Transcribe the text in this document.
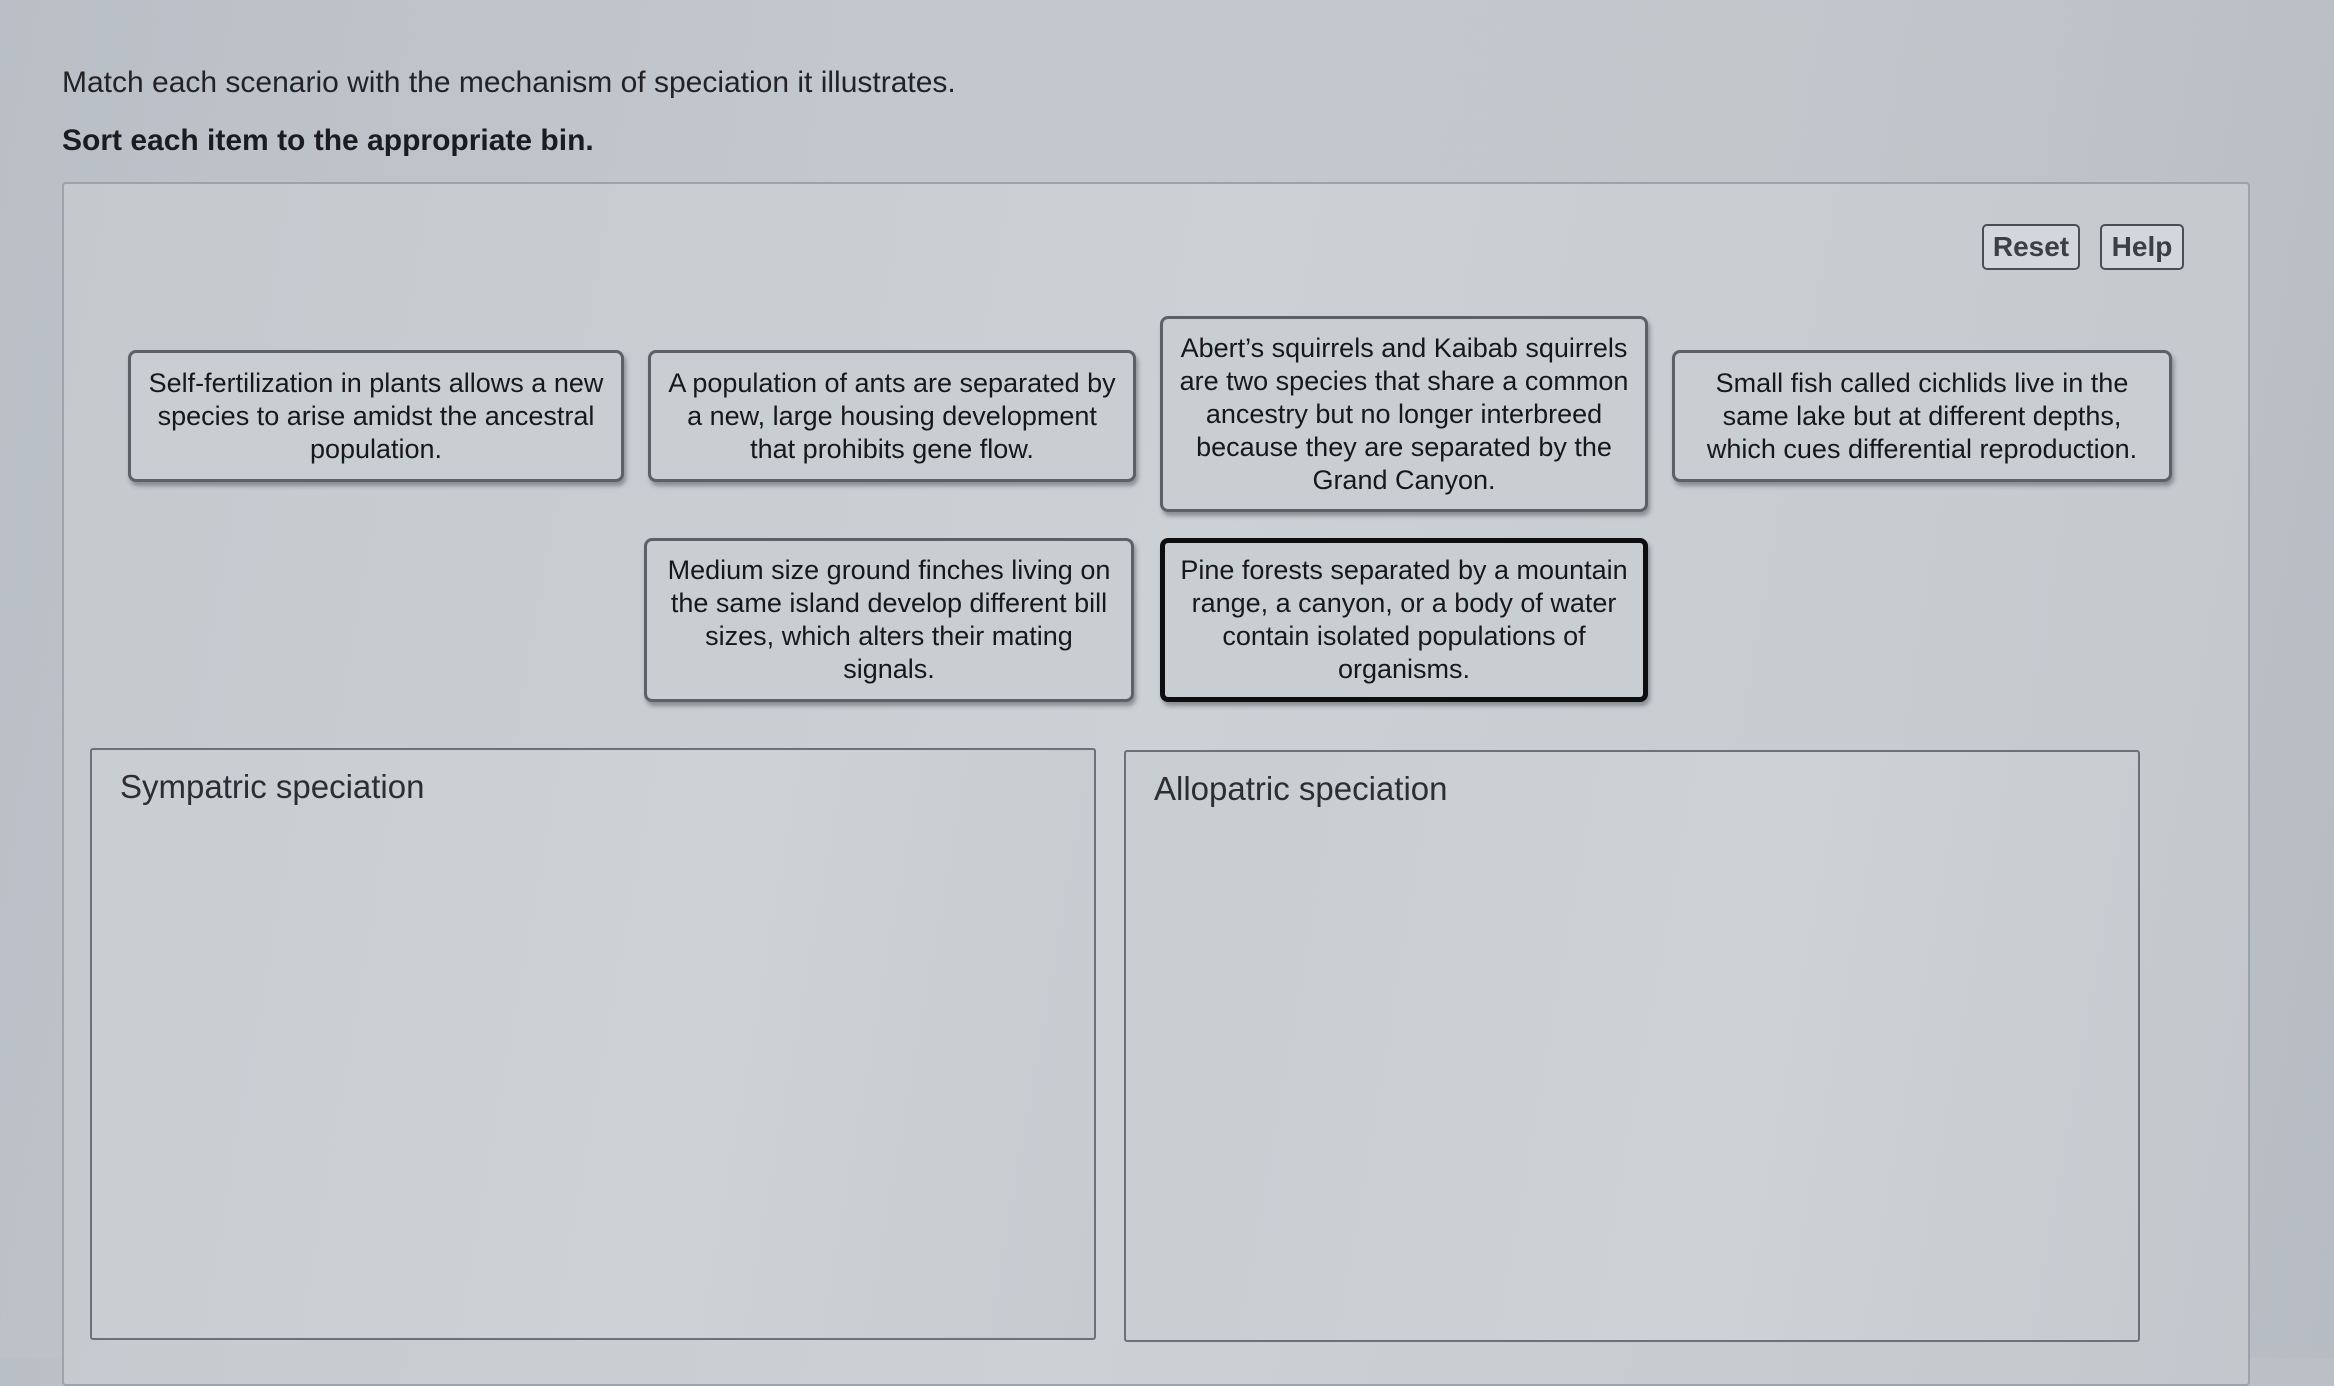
Match each scenario with the mechanism of speciation it illustrates.
Sort each item to the appropriate bin.
Reset	Help
Self-fertilization in plants allows a new
species to arise amidst the ancestral
population.
A population of ants are separated by
a new, large housing development
that prohibits gene flow.
Abert’s squirrels and Kaibab squirrels
are two species that share a common
ancestry but no longer interbreed
because they are separated by the
Grand Canyon.
Small fish called cichlids live in the
same lake but at different depths,
which cues differential reproduction.
Medium size ground finches living on
the same island develop different bill
sizes, which alters their mating
signals.
Pine forests separated by a mountain
range, a canyon, or a body of water
contain isolated populations of
organisms.
Sympatric speciation	Allopatric speciation
